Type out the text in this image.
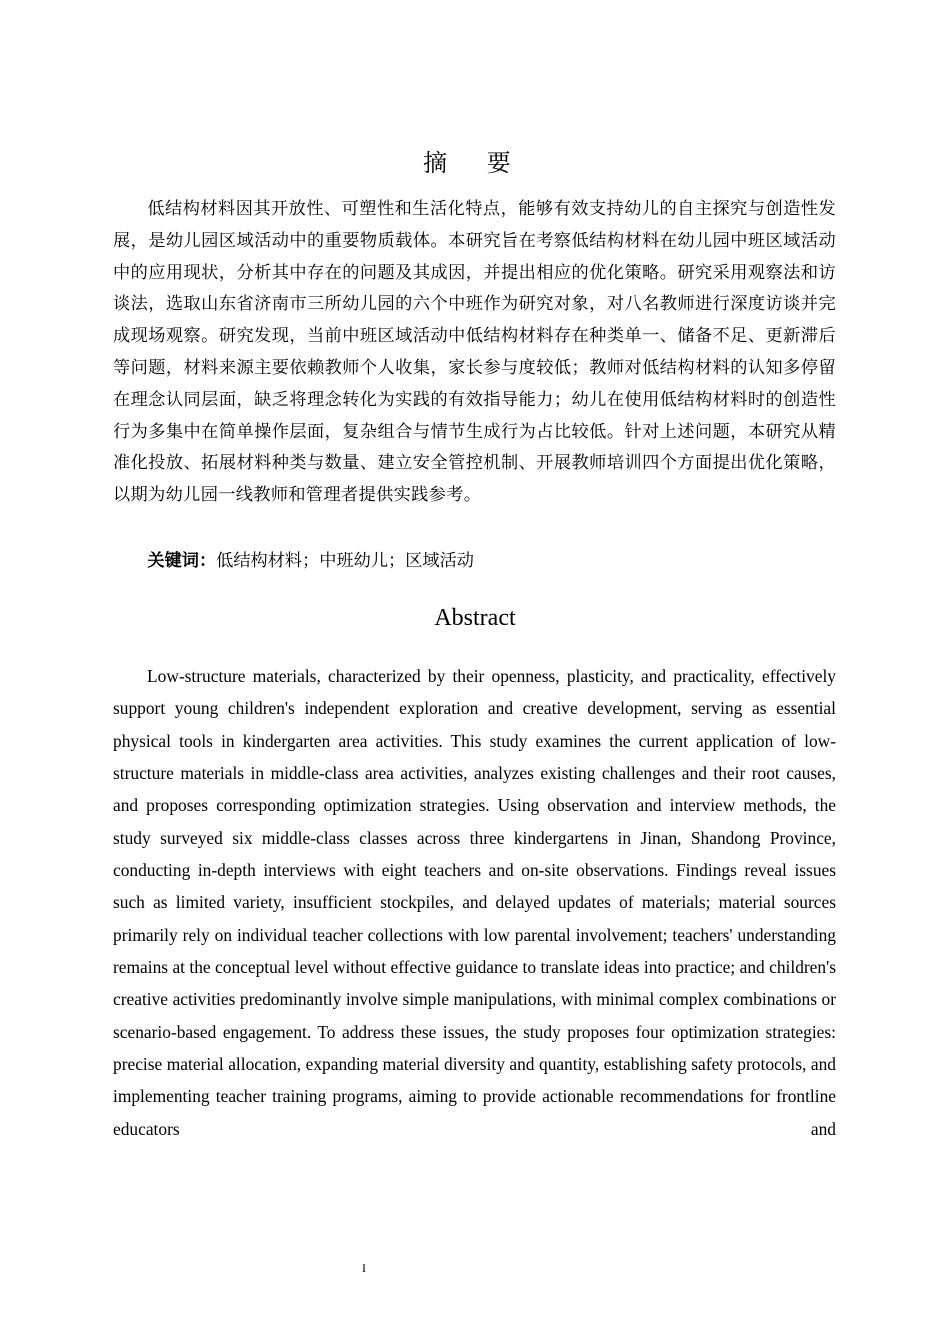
摘 要

低结构材料因其开放性、可塑性和生活化特点，能够有效支持幼儿的自主探究与创造性发展，是幼儿园区域活动中的重要物质载体。本研究旨在考察低结构材料在幼儿园中班区域活动中的应用现状，分析其中存在的问题及其成因，并提出相应的优化策略。研究采用观察法和访谈法，选取山东省济南市三所幼儿园的六个中班作为研究对象，对八名教师进行深度访谈并完成现场观察。研究发现，当前中班区域活动中低结构材料存在种类单一、储备不足、更新滞后等问题，材料来源主要依赖教师个人收集，家长参与度较低；教师对低结构材料的认知多停留在理念认同层面，缺乏将理念转化为实践的有效指导能力；幼儿在使用低结构材料时的创造性行为多集中在简单操作层面，复杂组合与情节生成行为占比较低。针对上述问题，本研究从精准化投放、拓展材料种类与数量、建立安全管控机制、开展教师培训四个方面提出优化策略，以期为幼儿园一线教师和管理者提供实践参考。

关键词：低结构材料；中班幼儿；区域活动

Abstract

Low-structure materials, characterized by their openness, plasticity, and practicality, effectively support young children's independent exploration and creative development, serving as essential physical tools in kindergarten area activities. This study examines the current application of low-structure materials in middle-class area activities, analyzes existing challenges and their root causes, and proposes corresponding optimization strategies. Using observation and interview methods, the study surveyed six middle-class classes across three kindergartens in Jinan, Shandong Province, conducting in-depth interviews with eight teachers and on-site observations. Findings reveal issues such as limited variety, insufficient stockpiles, and delayed updates of materials; material sources primarily rely on individual teacher collections with low parental involvement; teachers' understanding remains at the conceptual level without effective guidance to translate ideas into practice; and children's creative activities predominantly involve simple manipulations, with minimal complex combinations or scenario-based engagement. To address these issues, the study proposes four optimization strategies: precise material allocation, expanding material diversity and quantity, establishing safety protocols, and implementing teacher training programs, aiming to provide actionable recommendations for frontline educators and

I
